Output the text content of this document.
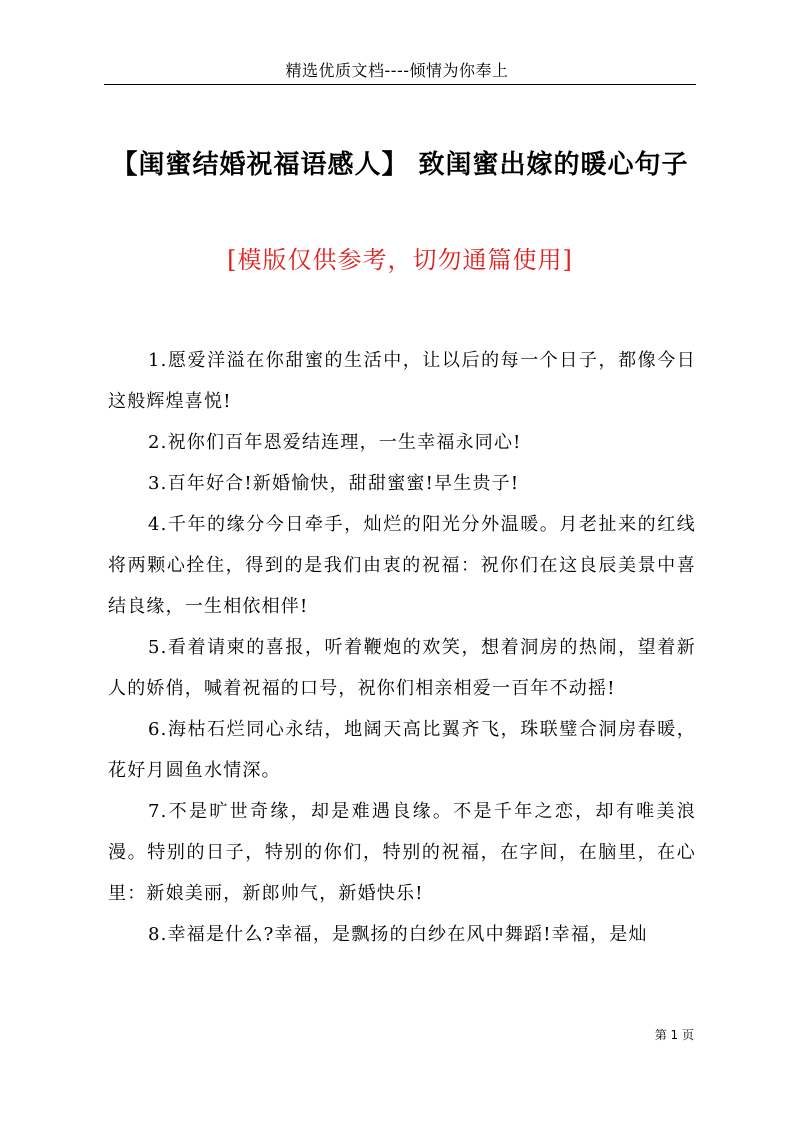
精选优质文档----倾情为你奉上
【闺蜜结婚祝福语感人】 致闺蜜出嫁的暖心句子
[模版仅供参考，切勿通篇使用]

1.愿爱洋溢在你甜蜜的生活中，让以后的每一个日子，都像今日这般辉煌喜悦!

2.祝你们百年恩爱结连理，一生幸福永同心!

3.百年好合!新婚愉快，甜甜蜜蜜!早生贵子!

4.千年的缘分今日牵手，灿烂的阳光分外温暖。月老扯来的红线将两颗心拴住，得到的是我们由衷的祝福：祝你们在这良辰美景中喜结良缘，一生相依相伴!

5.看着请柬的喜报，听着鞭炮的欢笑，想着洞房的热闹，望着新人的娇俏，喊着祝福的口号，祝你们相亲相爱一百年不动摇!

6.海枯石烂同心永结，地阔天高比翼齐飞，珠联璧合洞房春暖，花好月圆鱼水情深。

7.不是旷世奇缘，却是难遇良缘。不是千年之恋，却有唯美浪漫。特别的日子，特别的你们，特别的祝福，在字间，在脑里，在心里：新娘美丽，新郎帅气，新婚快乐!

8.幸福是什么?幸福，是飘扬的白纱在风中舞蹈!幸福，是灿

第 1 页
